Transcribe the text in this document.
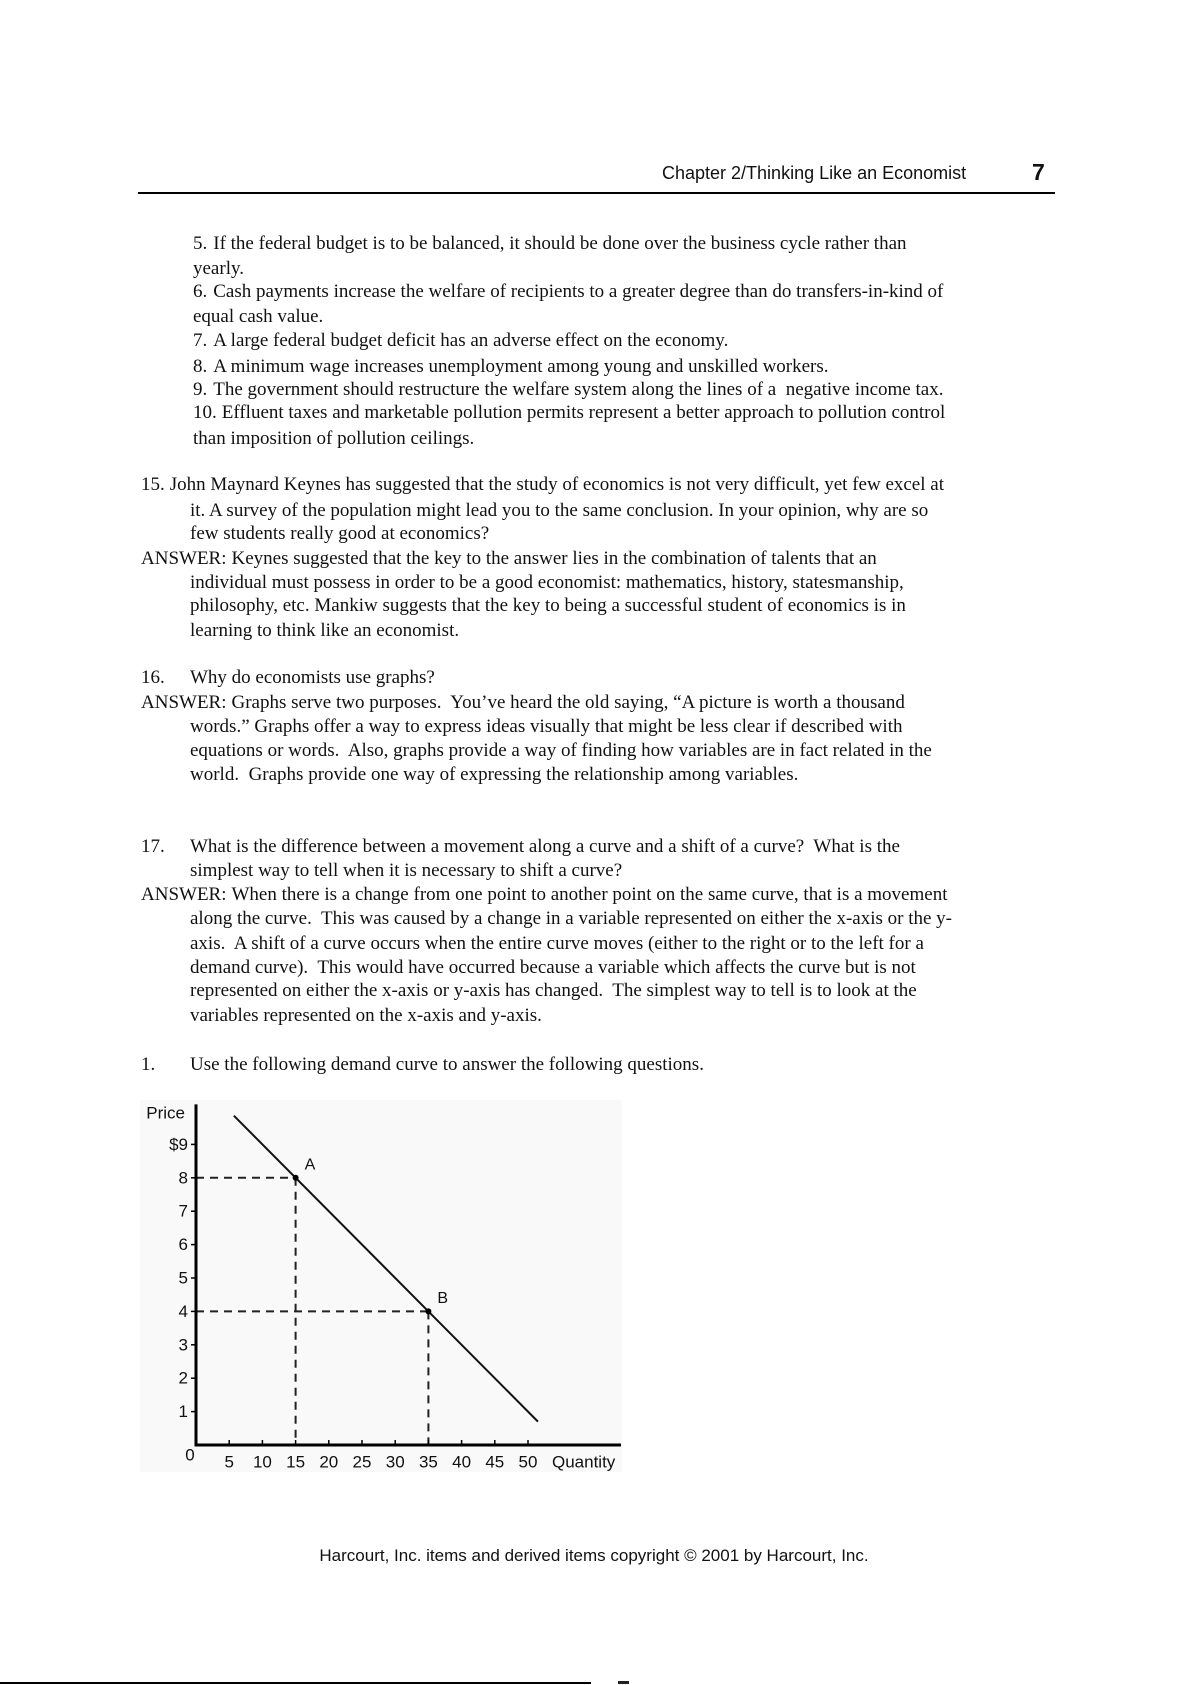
Chapter 2/Thinking Like an Economist	7
5. If the federal budget is to be balanced, it should be done over the business cycle rather than
yearly.
6. Cash payments increase the welfare of recipients to a greater degree than do transfers-in-kind of
equal cash value.
7. A large federal budget deficit has an adverse effect on the economy.
8. A minimum wage increases unemployment among young and unskilled workers.
9. The government should restructure the welfare system along the lines of a  negative income tax.
10. Effluent taxes and marketable pollution permits represent a better approach to pollution control
than imposition of pollution ceilings.
15. John Maynard Keynes has suggested that the study of economics is not very difficult, yet few excel at
it. A survey of the population might lead you to the same conclusion. In your opinion, why are so
few students really good at economics?
ANSWER: Keynes suggested that the key to the answer lies in the combination of talents that an
individual must possess in order to be a good economist: mathematics, history, statesmanship,
philosophy, etc. Mankiw suggests that the key to being a successful student of economics is in
learning to think like an economist.
16. Why do economists use graphs?
ANSWER: Graphs serve two purposes.  You’ve heard the old saying, “A picture is worth a thousand
words.” Graphs offer a way to express ideas visually that might be less clear if described with
equations or words.  Also, graphs provide a way of finding how variables are in fact related in the
world.  Graphs provide one way of expressing the relationship among variables.
17. What is the difference between a movement along a curve and a shift of a curve?  What is the
simplest way to tell when it is necessary to shift a curve?
ANSWER: When there is a change from one point to another point on the same curve, that is a movement
along the curve.  This was caused by a change in a variable represented on either the x-axis or the y-
axis.  A shift of a curve occurs when the entire curve moves (either to the right or to the left for a
demand curve).  This would have occurred because a variable which affects the curve but is not
represented on either the x-axis or y-axis has changed.  The simplest way to tell is to look at the
variables represented on the x-axis and y-axis.
1. Use the following demand curve to answer the following questions.
1
2
3
4
5
6
7
8
$9
5 10 15 20 25 30 35 40 45 50
0
Price
Quantity
A
B
Harcourt, Inc. items and derived items copyright © 2001 by Harcourt, Inc.
